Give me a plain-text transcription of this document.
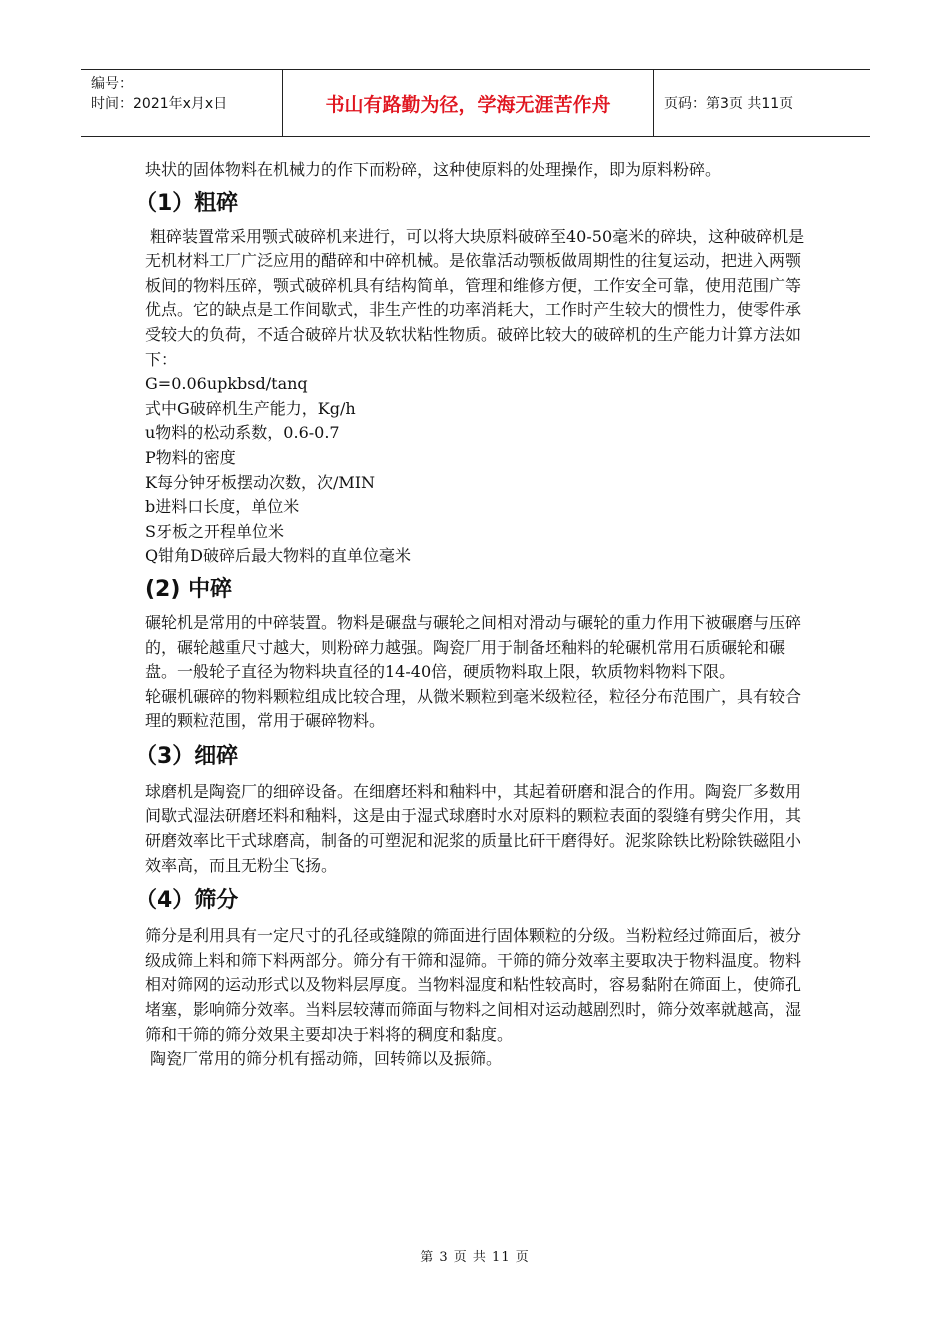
编号：
时间：2021年x月x日	书山有路勤为径，学海无涯苦作舟	页码：第3页 共11页

块状的固体物料在机械力的作下而粉碎，这种使原料的处理操作，即为原料粉碎。

（1）粗碎

粗碎装置常采用颚式破碎机来进行，可以将大块原料破碎至40-50毫米的碎块，这种破碎机是无机材料工厂广泛应用的醋碎和中碎机械。是依靠活动颚板做周期性的往复运动，把进入两颚板间的物料压碎，颚式破碎机具有结构简单，管理和维修方便，工作安全可靠，使用范围广等优点。它的缺点是工作间歇式，非生产性的功率消耗大，工作时产生较大的惯性力，使零件承受较大的负荷，不适合破碎片状及软状粘性物质。破碎比较大的破碎机的生产能力计算方法如下：

G=0.06upkbsd/tanq

式中G破碎机生产能力，Kg/h

u物料的松动系数，0.6-0.7

P物料的密度

K每分钟牙板摆动次数，次/MIN

b进料口长度，单位米

S牙板之开程单位米

Q钳角D破碎后最大物料的直单位毫米

(2) 中碎

碾轮机是常用的中碎装置。物料是碾盘与碾轮之间相对滑动与碾轮的重力作用下被碾磨与压碎的，碾轮越重尺寸越大，则粉碎力越强。陶瓷厂用于制备坯釉料的轮碾机常用石质碾轮和碾盘。一般轮子直径为物料块直径的14-40倍，硬质物料取上限，软质物料物料下限。

轮碾机碾碎的物料颗粒组成比较合理，从微米颗粒到毫米级粒径，粒径分布范围广，具有较合理的颗粒范围，常用于碾碎物料。

（3）细碎

球磨机是陶瓷厂的细碎设备。在细磨坯料和釉料中，其起着研磨和混合的作用。陶瓷厂多数用间歇式湿法研磨坯料和釉料，这是由于湿式球磨时水对原料的颗粒表面的裂缝有劈尖作用，其研磨效率比干式球磨高，制备的可塑泥和泥浆的质量比矸干磨得好。泥浆除铁比粉除铁磁阻小效率高，而且无粉尘飞扬。

（4）筛分

筛分是利用具有一定尺寸的孔径或缝隙的筛面进行固体颗粒的分级。当粉粒经过筛面后，被分级成筛上料和筛下料两部分。筛分有干筛和湿筛。干筛的筛分效率主要取决于物料温度。物料相对筛网的运动形式以及物料层厚度。当物料湿度和粘性较高时，容易黏附在筛面上，使筛孔堵塞，影响筛分效率。当料层较薄而筛面与物料之间相对运动越剧烈时，筛分效率就越高，湿筛和干筛的筛分效果主要却决于料将的稠度和黏度。

陶瓷厂常用的筛分机有摇动筛，回转筛以及振筛。

第 3 页 共 11 页
